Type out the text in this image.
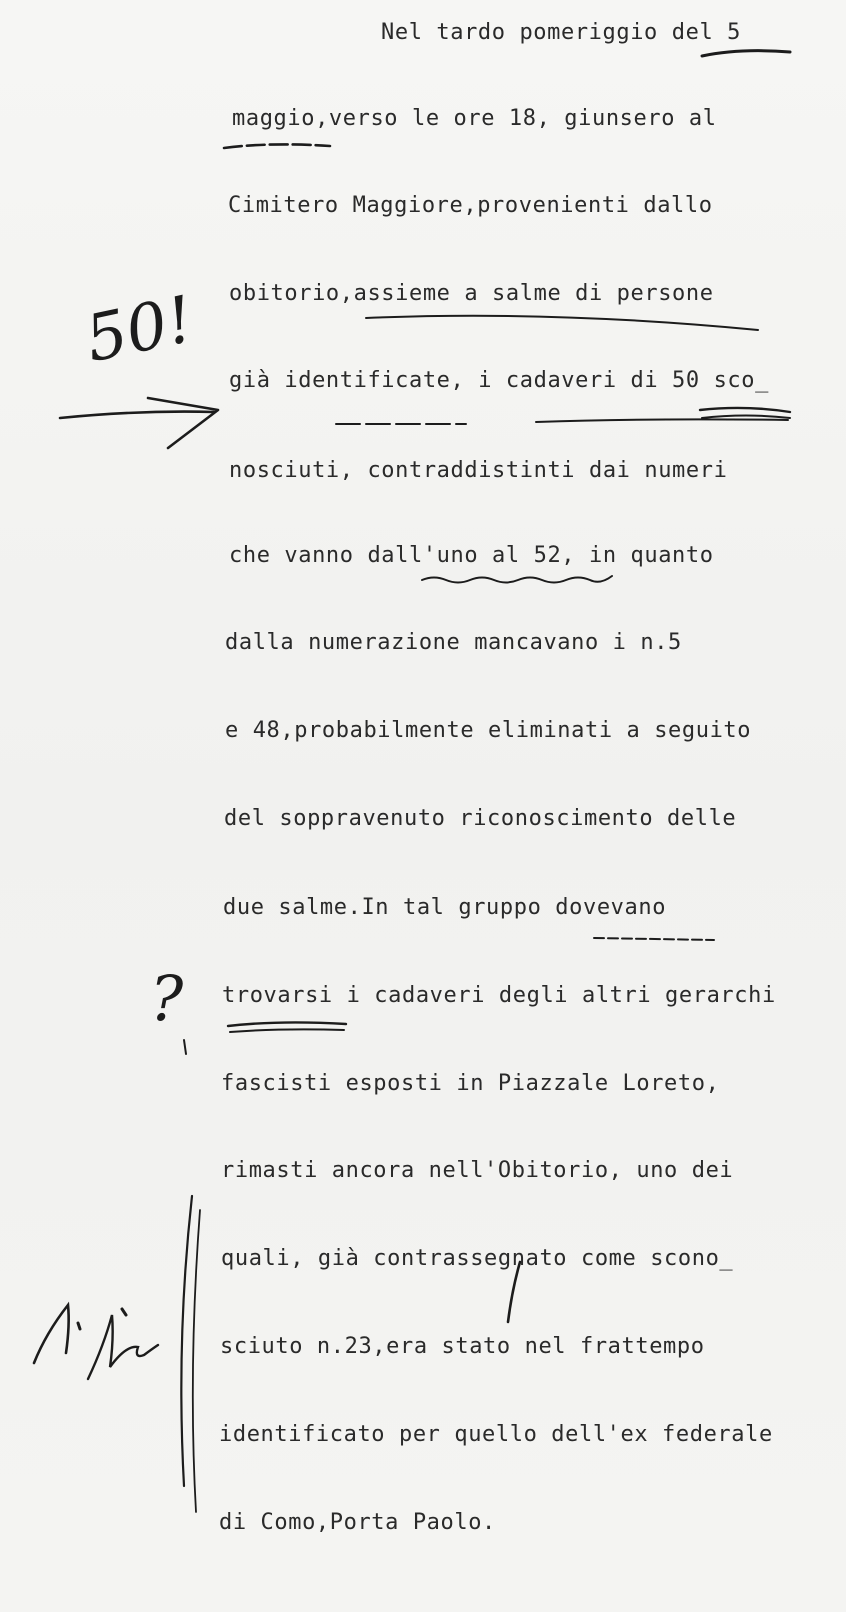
Nel tardo pomeriggio del 5

maggio,verso le ore 18, giunsero al

Cimitero Maggiore,provenienti dallo

obitorio,assieme a salme di persone

già identificate, i cadaveri di 50 sco_

nosciuti, contraddistinti dai numeri

che vanno dall'uno al 52, in quanto

dalla numerazione mancavano i n.5

e 48,probabilmente eliminati a seguito

del soppravenuto riconoscimento delle

due salme.In tal gruppo dovevano

trovarsi i cadaveri degli altri gerarchi

fascisti esposti in Piazzale Loreto,

rimasti ancora nell'Obitorio, uno dei

quali, già contrassegnato come scono_

sciuto n.23,era stato nel frattempo

identificato per quello dell'ex federale

di Como,Porta Paolo.

50!

?
